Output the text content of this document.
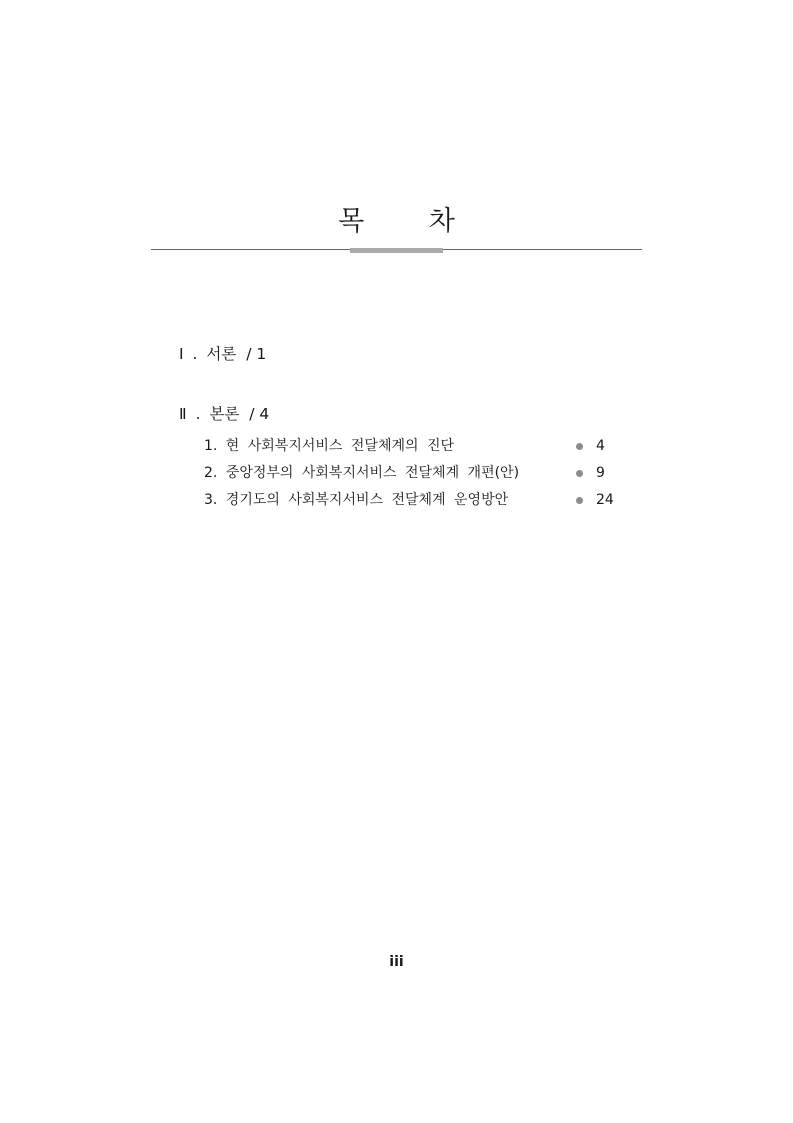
목 차
Ⅰ . 서론 / 1
Ⅱ . 본론 / 4
1. 현 사회복지서비스 전달체계의 진단	4
2. 중앙정부의 사회복지서비스 전달체계 개편(안)	9
3. 경기도의 사회복지서비스 전달체계 운영방안	24
iii
